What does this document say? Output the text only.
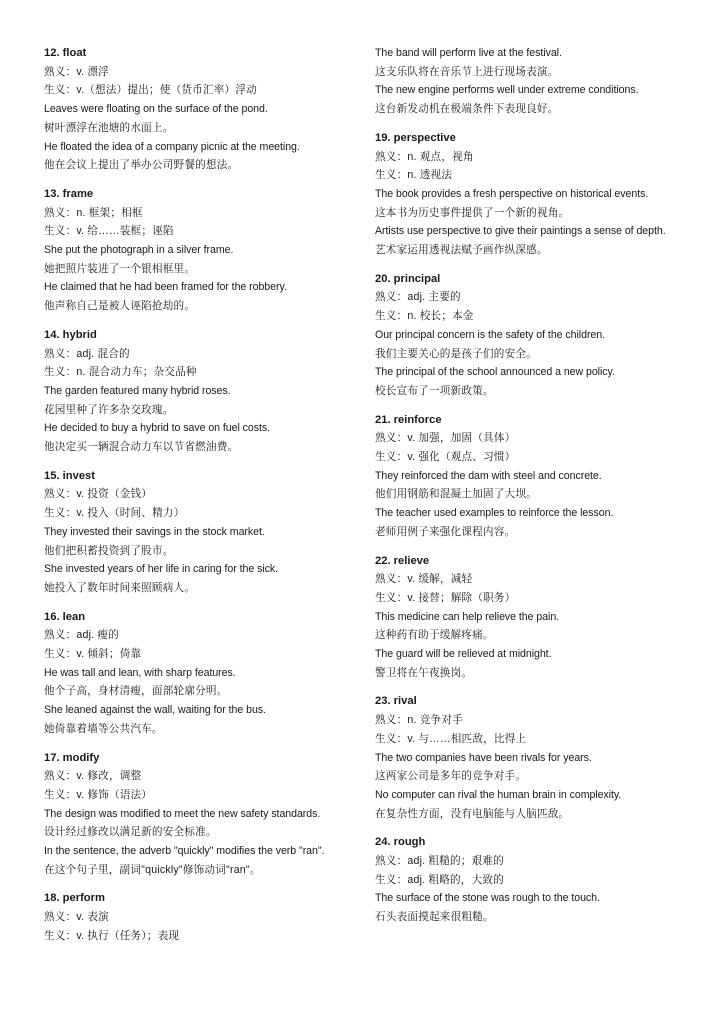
12. float
熟义：v. 漂浮
生义：v.（想法）提出；使（货币汇率）浮动
Leaves were floating on the surface of the pond.
树叶漂浮在池塘的水面上。
He floated the idea of a company picnic at the meeting.
他在会议上提出了举办公司野餐的想法。
13. frame
熟义：n. 框架；相框
生义：v. 给……装框；诬陷
She put the photograph in a silver frame.
她把照片装进了一个银相框里。
He claimed that he had been framed for the robbery.
他声称自己是被人诬陷抢劫的。
14. hybrid
熟义：adj. 混合的
生义：n. 混合动力车；杂交品种
The garden featured many hybrid roses.
花园里种了许多杂交玫瑰。
He decided to buy a hybrid to save on fuel costs.
他决定买一辆混合动力车以节省燃油费。
15. invest
熟义：v. 投资（金钱）
生义：v. 投入（时间、精力）
They invested their savings in the stock market.
他们把积蓄投资到了股市。
She invested years of her life in caring for the sick.
她投入了数年时间来照顾病人。
16. lean
熟义：adj. 瘦的
生义：v. 倾斜；倚靠
He was tall and lean, with sharp features.
他个子高，身材清瘦，面部轮廓分明。
She leaned against the wall, waiting for the bus.
她倚靠着墙等公共汽车。
17. modify
熟义：v. 修改，调整
生义：v. 修饰（语法）
The design was modified to meet the new safety standards.
设计经过修改以满足新的安全标准。
In the sentence, the adverb "quickly" modifies the verb "ran".
在这个句子里，副词"quickly"修饰动词"ran"。
18. perform
熟义：v. 表演
生义：v. 执行（任务）；表现
The band will perform live at the festival.
这支乐队将在音乐节上进行现场表演。
The new engine performs well under extreme conditions.
这台新发动机在极端条件下表现良好。
19. perspective
熟义：n. 观点，视角
生义：n. 透视法
The book provides a fresh perspective on historical events.
这本书为历史事件提供了一个新的视角。
Artists use perspective to give their paintings a sense of depth.
艺术家运用透视法赋予画作纵深感。
20. principal
熟义：adj. 主要的
生义：n. 校长；本金
Our principal concern is the safety of the children.
我们主要关心的是孩子们的安全。
The principal of the school announced a new policy.
校长宣布了一项新政策。
21. reinforce
熟义：v. 加强，加固（具体）
生义：v. 强化（观点、习惯）
They reinforced the dam with steel and concrete.
他们用钢筋和混凝土加固了大坝。
The teacher used examples to reinforce the lesson.
老师用例子来强化课程内容。
22. relieve
熟义：v. 缓解，减轻
生义：v. 接替；解除（职务）
This medicine can help relieve the pain.
这种药有助于缓解疼痛。
The guard will be relieved at midnight.
警卫将在午夜换岗。
23. rival
熟义：n. 竞争对手
生义：v. 与……相匹敌，比得上
The two companies have been rivals for years.
这两家公司是多年的竞争对手。
No computer can rival the human brain in complexity.
在复杂性方面，没有电脑能与人脑匹敌。
24. rough
熟义：adj. 粗糙的；艰难的
生义：adj. 粗略的，大致的
The surface of the stone was rough to the touch.
石头表面摸起来很粗糙。
